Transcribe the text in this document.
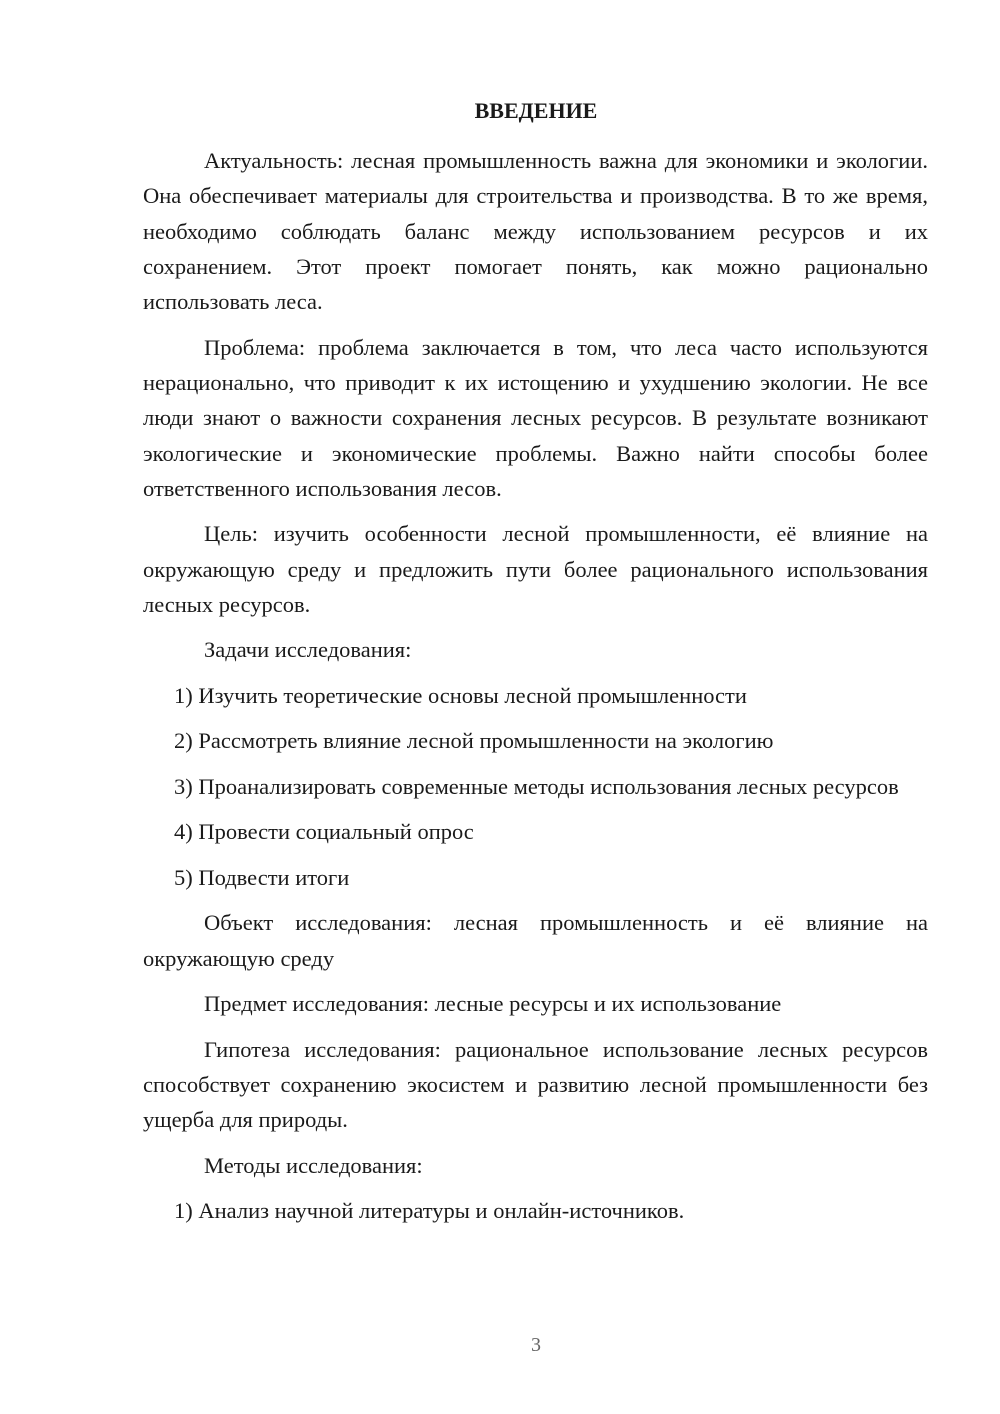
ВВЕДЕНИЕ

Актуальность: лесная промышленность важна для экономики и экологии. Она обеспечивает материалы для строительства и производства. В то же время, необходимо соблюдать баланс между использованием ресурсов и их сохранением. Этот проект помогает понять, как можно рационально использовать леса.

Проблема: проблема заключается в том, что леса часто используются нерационально, что приводит к их истощению и ухудшению экологии. Не все люди знают о важности сохранения лесных ресурсов. В результате возникают экологические и экономические проблемы. Важно найти способы более ответственного использования лесов.

Цель: изучить особенности лесной промышленности, её влияние на окружающую среду и предложить пути более рационального использования лесных ресурсов.

Задачи исследования:

1) Изучить теоретические основы лесной промышленности

2) Рассмотреть влияние лесной промышленности на экологию

3) Проанализировать современные методы использования лесных ресурсов

4) Провести социальный опрос

5) Подвести итоги

Объект исследования: лесная промышленность и её влияние на окружающую среду

Предмет исследования: лесные ресурсы и их использование

Гипотеза исследования: рациональное использование лесных ресурсов способствует сохранению экосистем и развитию лесной промышленности без ущерба для природы.

Методы исследования:

1) Анализ научной литературы и онлайн-источников.

3
